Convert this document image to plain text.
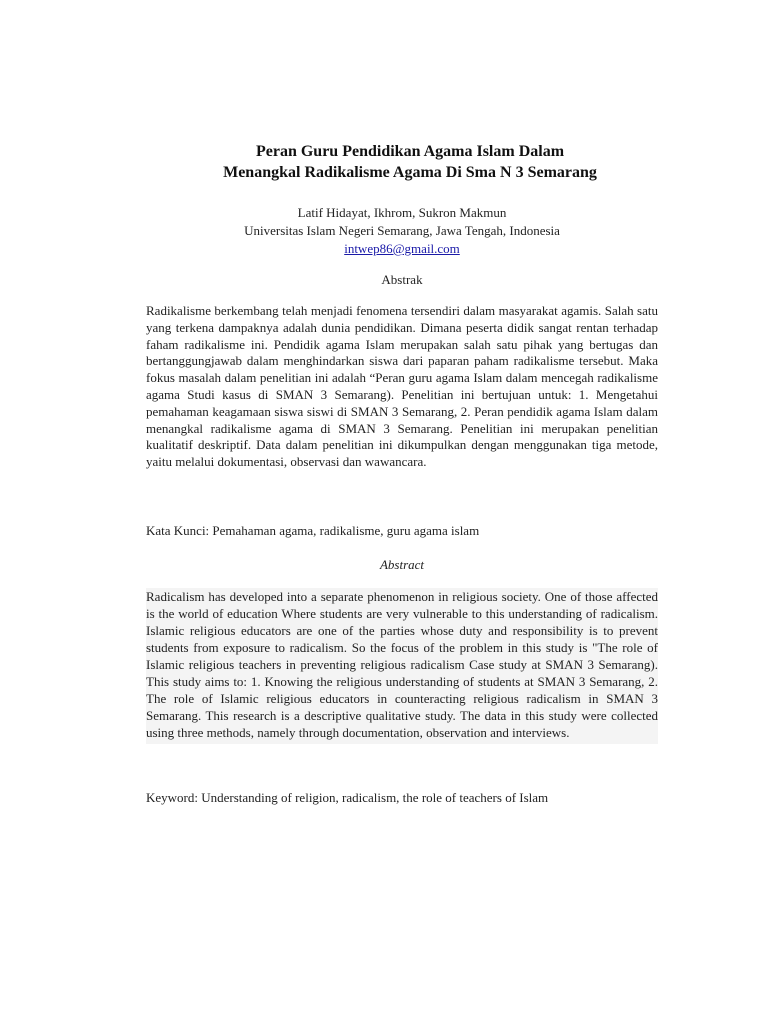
Peran Guru Pendidikan Agama Islam Dalam
Menangkal Radikalisme Agama Di Sma N 3 Semarang
Latif Hidayat, Ikhrom, Sukron Makmun
Universitas Islam Negeri Semarang, Jawa Tengah, Indonesia
intwep86@gmail.com
Abstrak

Radikalisme berkembang telah menjadi fenomena tersendiri dalam masyarakat agamis. Salah satu yang terkena dampaknya adalah dunia pendidikan. Dimana peserta didik sangat rentan terhadap faham radikalisme ini. Pendidik agama Islam merupakan salah satu pihak yang bertugas dan bertanggungjawab dalam menghindarkan siswa dari paparan paham radikalisme tersebut. Maka fokus masalah dalam penelitian ini adalah “Peran guru agama Islam dalam mencegah radikalisme agama Studi kasus di SMAN 3 Semarang). Penelitian ini bertujuan untuk: 1. Mengetahui pemahaman keagamaan siswa siswi di SMAN 3 Semarang, 2. Peran pendidik agama Islam dalam menangkal radikalisme agama di SMAN 3 Semarang. Penelitian ini merupakan penelitian kualitatif deskriptif. Data dalam penelitian ini dikumpulkan dengan menggunakan tiga metode, yaitu melalui dokumentasi, observasi dan wawancara.

Kata Kunci: Pemahaman agama, radikalisme, guru agama islam

Abstract

Radicalism has developed into a separate phenomenon in religious society. One of those affected is the world of education Where students are very vulnerable to this understanding of radicalism. Islamic religious educators are one of the parties whose duty and responsibility is to prevent students from exposure to radicalism. So the focus of the problem in this study is "The role of Islamic religious teachers in preventing religious radicalism Case study at SMAN 3 Semarang). This study aims to: 1. Knowing the religious understanding of students at SMAN 3 Semarang, 2. The role of Islamic religious educators in counteracting religious radicalism in SMAN 3 Semarang. This research is a descriptive qualitative study. The data in this study were collected using three methods, namely through documentation, observation and interviews.

Keyword: Understanding of religion, radicalism, the role of teachers of Islam
